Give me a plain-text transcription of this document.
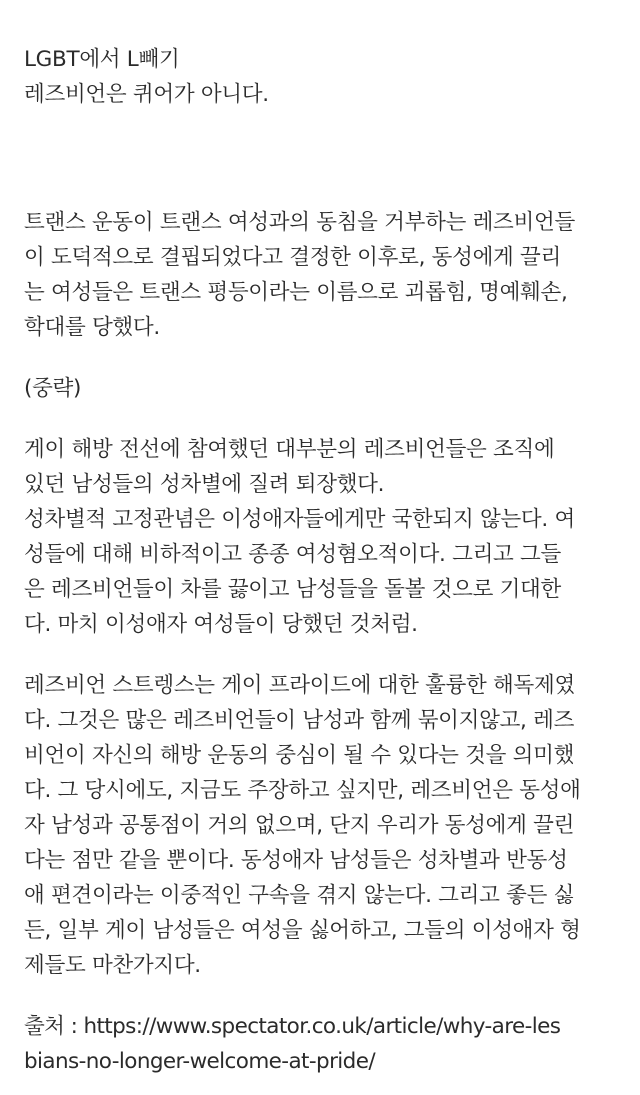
LGBT에서 L빼기
레즈비언은 퀴어가 아니다.
트랜스 운동이 트랜스 여성과의 동침을 거부하는 레즈비언들
이 도덕적으로 결핍되었다고 결정한 이후로, 동성에게 끌리
는 여성들은 트랜스 평등이라는 이름으로 괴롭힘, 명예훼손,
학대를 당했다.
(중략)
게이 해방 전선에 참여했던 대부분의 레즈비언들은 조직에
있던 남성들의 성차별에 질려 퇴장했다.
성차별적 고정관념은 이성애자들에게만 국한되지 않는다. 여
성들에 대해 비하적이고 종종 여성혐오적이다. 그리고 그들
은 레즈비언들이 차를 끓이고 남성들을 돌볼 것으로 기대한
다. 마치 이성애자 여성들이 당했던 것처럼.
레즈비언 스트렝스는 게이 프라이드에 대한 훌륭한 해독제였
다. 그것은 많은 레즈비언들이 남성과 함께 묶이지않고, 레즈
비언이 자신의 해방 운동의 중심이 될 수 있다는 것을 의미했
다. 그 당시에도, 지금도 주장하고 싶지만, 레즈비언은 동성애
자 남성과 공통점이 거의 없으며, 단지 우리가 동성에게 끌린
다는 점만 같을 뿐이다. 동성애자 남성들은 성차별과 반동성
애 편견이라는 이중적인 구속을 겪지 않는다. 그리고 좋든 싫
든, 일부 게이 남성들은 여성을 싫어하고, 그들의 이성애자 형
제들도 마찬가지다.
출처 : https://www.spectator.co.uk/article/why-are-les
bians-no-longer-welcome-at-pride/
